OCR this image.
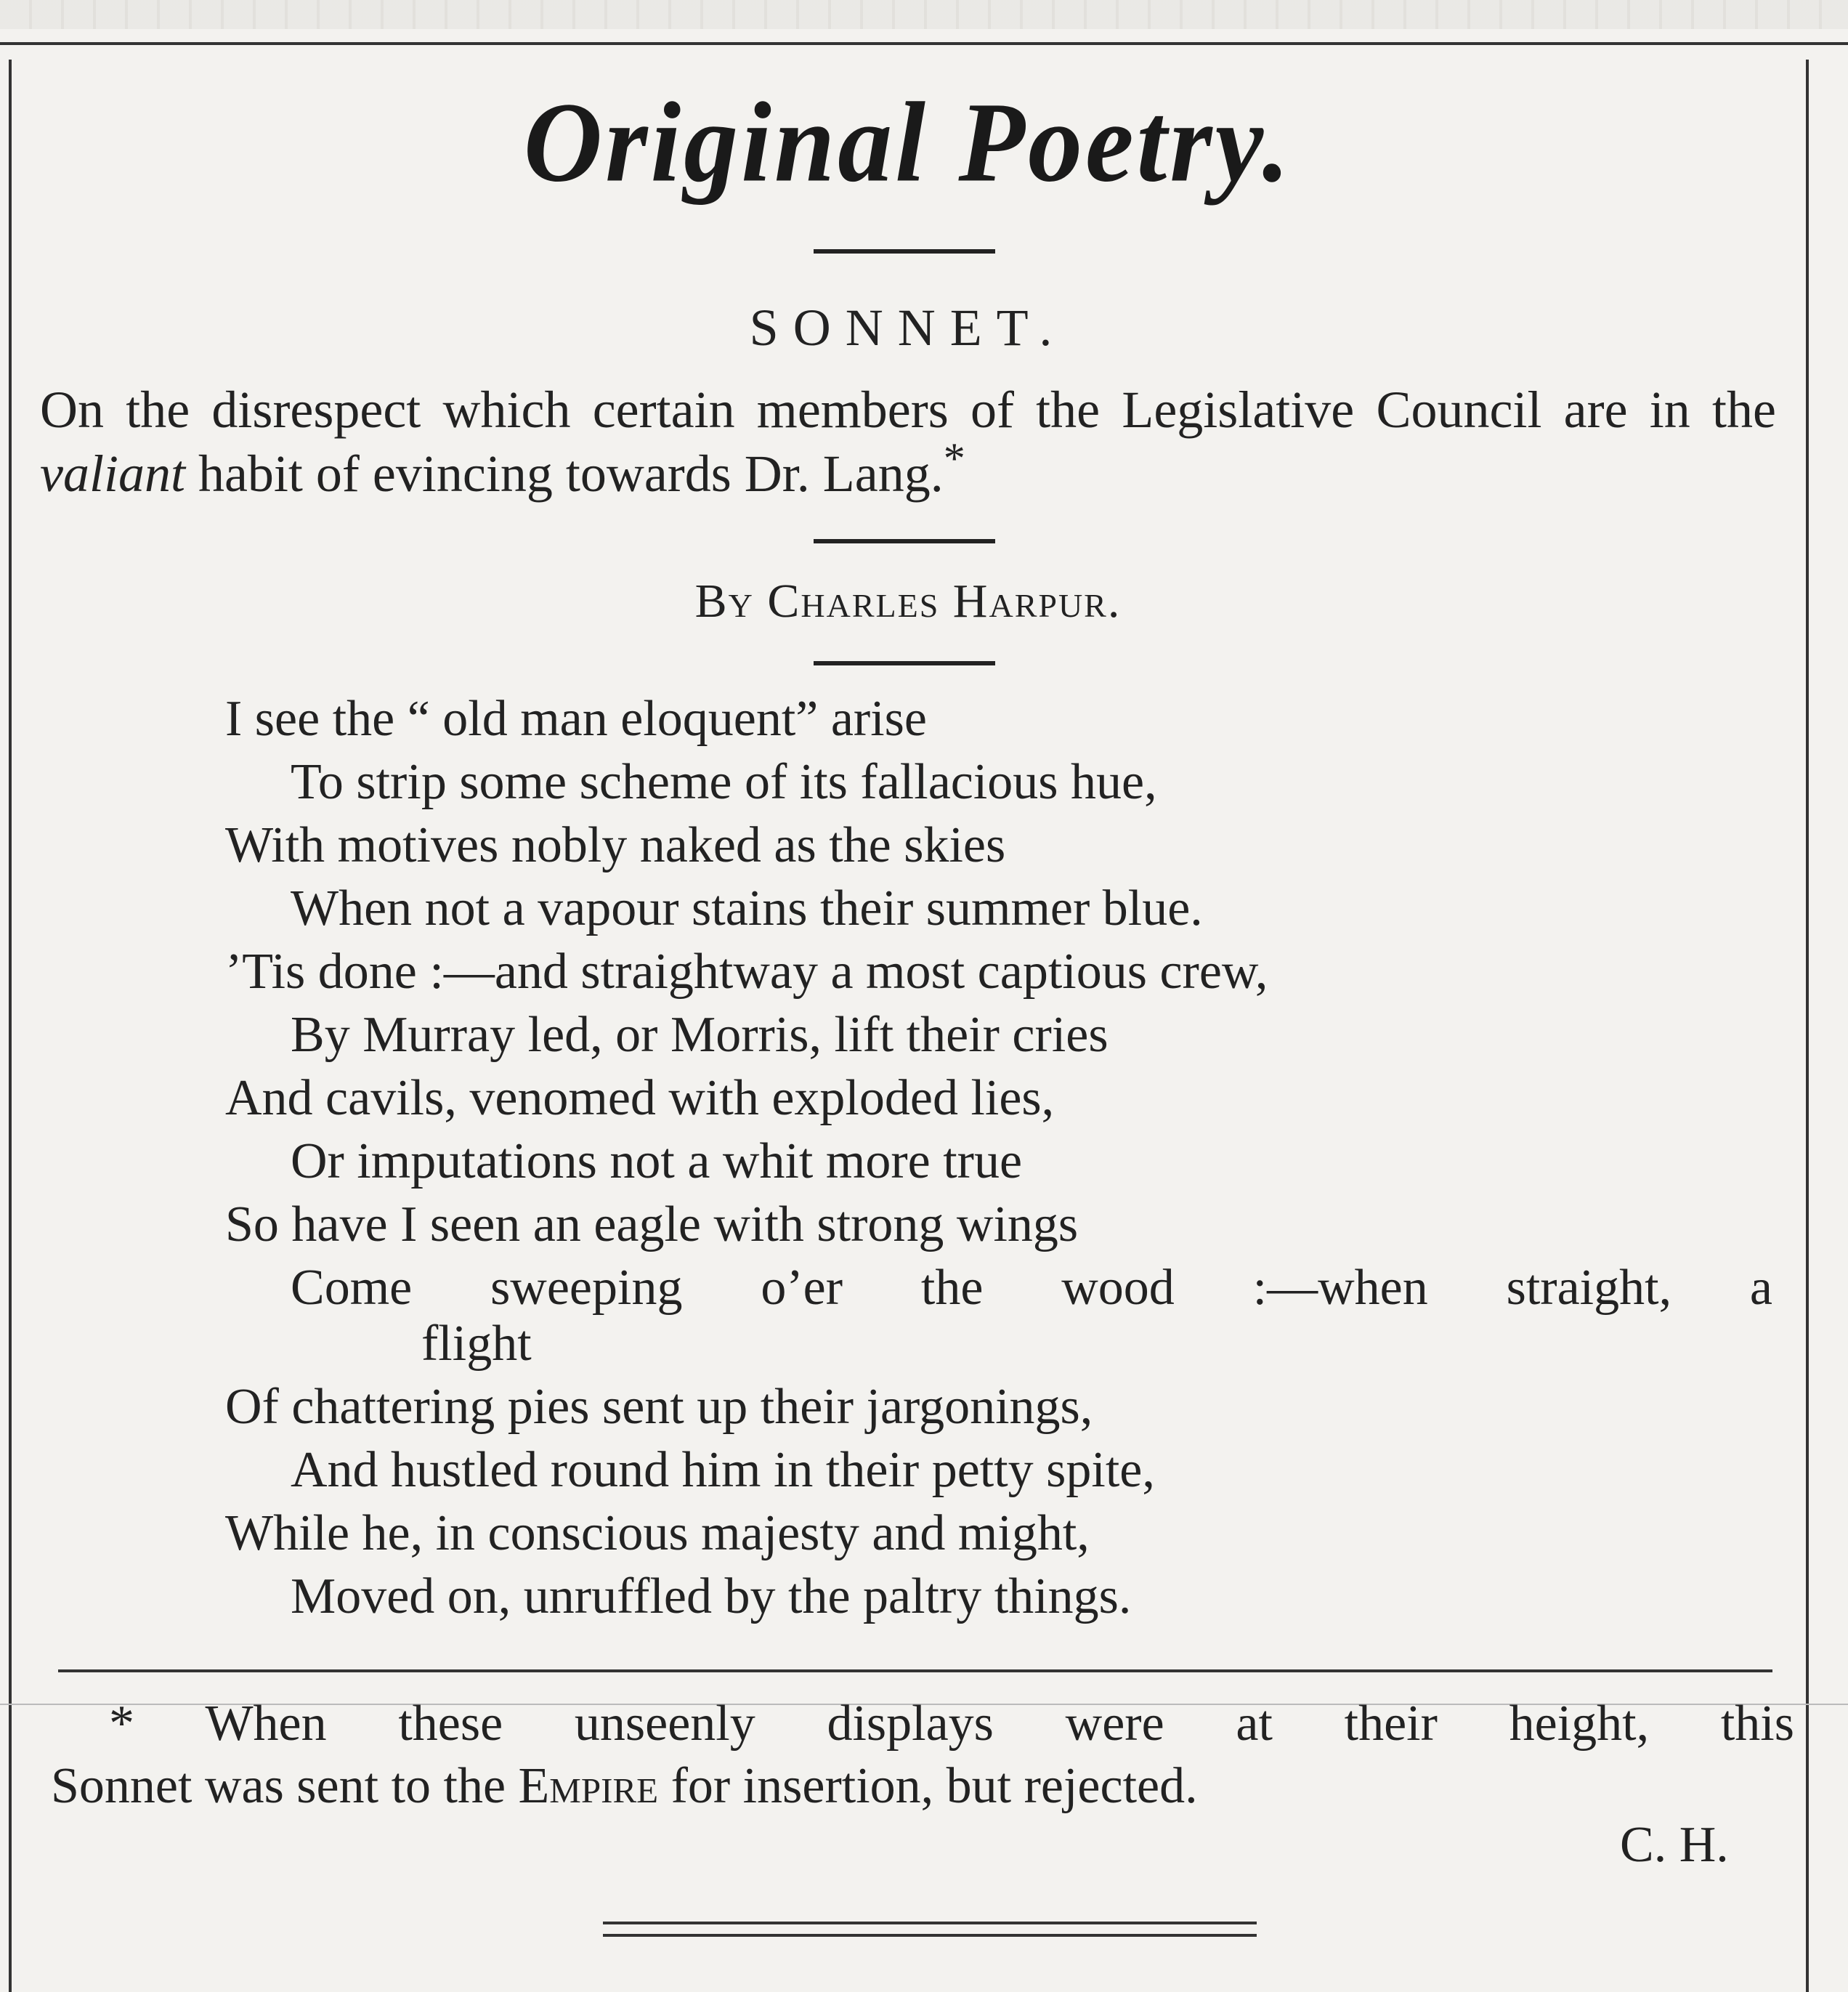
Original Poetry.
SONNET.
On the disrespect which certain members of the Legislative Council are in the valiant habit of evincing towards Dr. Lang.*
By Charles Harpur.
I see the “ old man eloquent” arise
To strip some scheme of its fallacious hue,
With motives nobly naked as the skies
When not a vapour stains their summer blue.
’Tis done :—and straightway a most captious crew,
By Murray led, or Morris, lift their cries
And cavils, venomed with exploded lies,
Or imputations not a whit more true
So have I seen an eagle with strong wings
Come sweeping o’er the wood :—when straight, a
flight
Of chattering pies sent up their jargonings,
And hustled round him in their petty spite,
While he, in conscious majesty and might,
Moved on, unruffled by the paltry things.
* When these unseenly displays were at their height, this
Sonnet was sent to the Empire for insertion, but rejected.
C. H.
